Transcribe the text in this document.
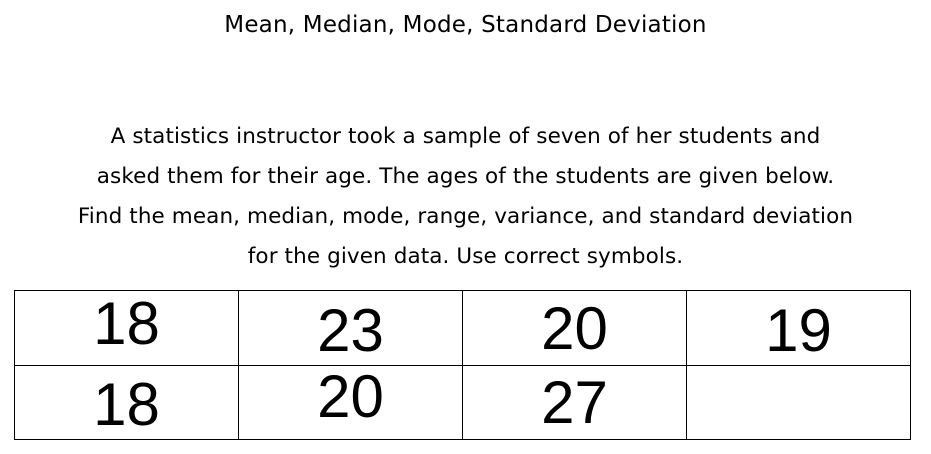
Mean, Median, Mode, Standard Deviation
A statistics instructor took a sample of seven of her students and
asked them for their age. The ages of the students are given below.
Find the mean, median, mode, range, variance, and standard deviation
for the given data. Use correct symbols.
18	23	20	19
18	20	27	
